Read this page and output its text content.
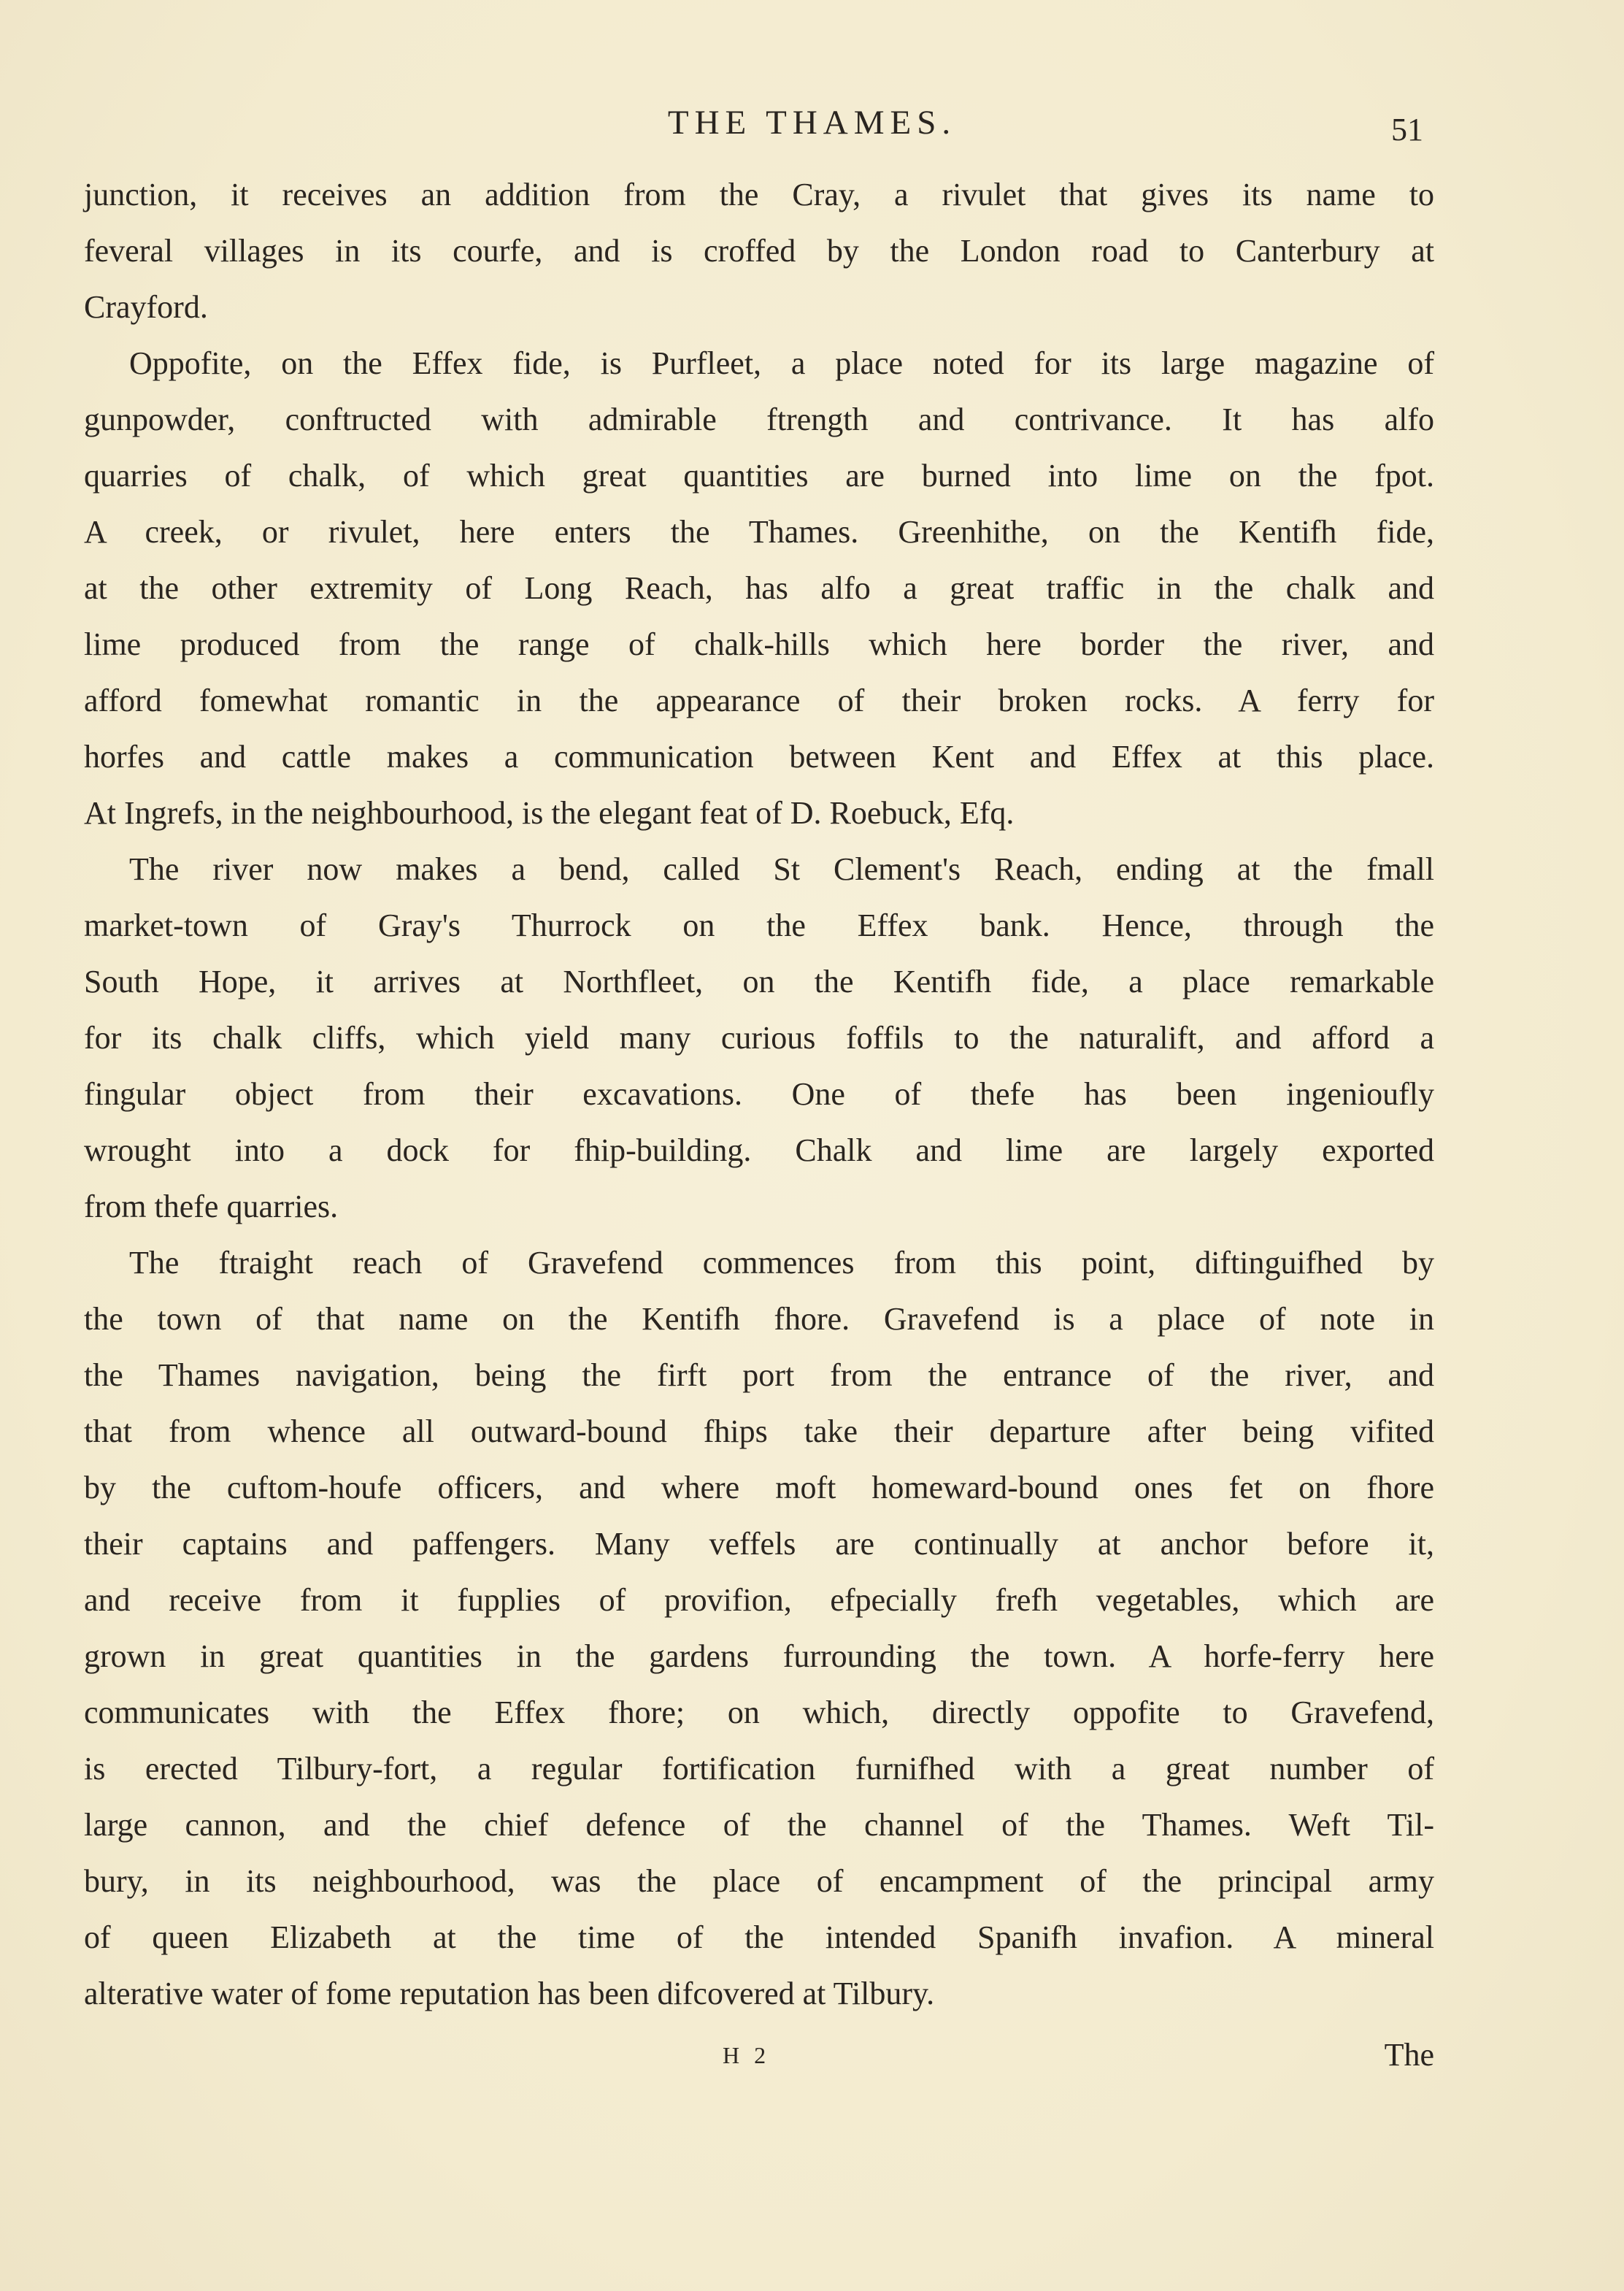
THE THAMES.	51
junction, it receives an addition from the Cray, a rivulet that gives its name to
feveral villages in its courfe, and is croffed by the London road to Canterbury at
Crayford.
Oppofite, on the Effex fide, is Purfleet, a place noted for its large magazine of
gunpowder, conftructed with admirable ftrength and contrivance. It has alfo
quarries of chalk, of which great quantities are burned into lime on the fpot.
A creek, or rivulet, here enters the Thames. Greenhithe, on the Kentifh fide,
at the other extremity of Long Reach, has alfo a great traffic in the chalk and
lime produced from the range of chalk-hills which here border the river, and
afford fomewhat romantic in the appearance of their broken rocks. A ferry for
horfes and cattle makes a communication between Kent and Effex at this place.
At Ingrefs, in the neighbourhood, is the elegant feat of D. Roebuck, Efq.
The river now makes a bend, called St Clement's Reach, ending at the fmall
market-town of Gray's Thurrock on the Effex bank. Hence, through the
South Hope, it arrives at Northfleet, on the Kentifh fide, a place remarkable
for its chalk cliffs, which yield many curious foffils to the naturalift, and afford a
fingular object from their excavations. One of thefe has been ingenioufly
wrought into a dock for fhip-building. Chalk and lime are largely exported
from thefe quarries.
The ftraight reach of Gravefend commences from this point, diftinguifhed by
the town of that name on the Kentifh fhore. Gravefend is a place of note in
the Thames navigation, being the firft port from the entrance of the river, and
that from whence all outward-bound fhips take their departure after being vifited
by the cuftom-houfe officers, and where moft homeward-bound ones fet on fhore
their captains and paffengers. Many veffels are continually at anchor before it,
and receive from it fupplies of provifion, efpecially frefh vegetables, which are
grown in great quantities in the gardens furrounding the town. A horfe-ferry here
communicates with the Effex fhore; on which, directly oppofite to Gravefend,
is erected Tilbury-fort, a regular fortification furnifhed with a great number of
large cannon, and the chief defence of the channel of the Thames. Weft Til-
bury, in its neighbourhood, was the place of encampment of the principal army
of queen Elizabeth at the time of the intended Spanifh invafion. A mineral
alterative water of fome reputation has been difcovered at Tilbury.
H 2	The
